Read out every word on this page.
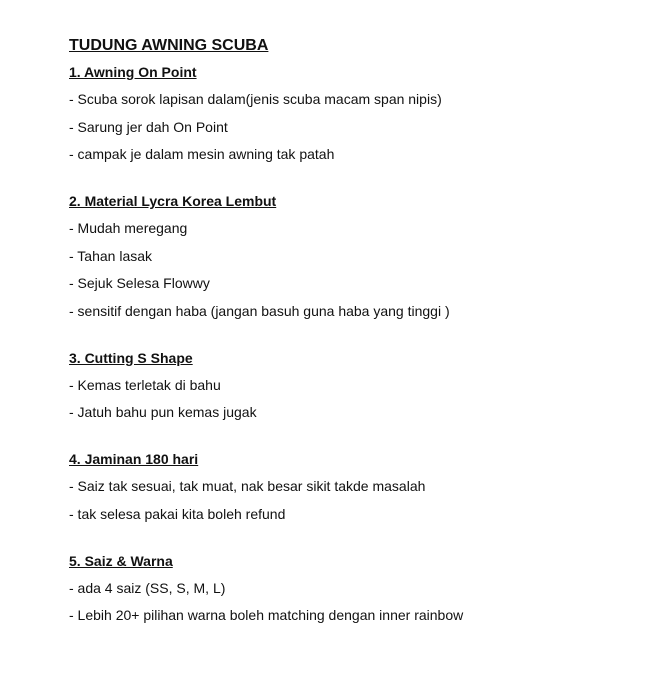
TUDUNG AWNING SCUBA
1. Awning On Point
- Scuba sorok lapisan dalam(jenis scuba macam span nipis)
- Sarung jer dah On Point
- campak je dalam mesin awning tak patah
2. Material Lycra Korea Lembut
- Mudah meregang
- Tahan lasak
- Sejuk Selesa Flowwy
- sensitif dengan haba (jangan basuh guna haba yang tinggi )
3. Cutting S Shape
- Kemas terletak di bahu
- Jatuh bahu pun kemas jugak
4. Jaminan 180 hari
- Saiz tak sesuai, tak muat, nak besar sikit takde masalah
- tak selesa pakai kita boleh refund
5. Saiz & Warna
- ada 4 saiz (SS, S, M, L)
- Lebih 20+ pilihan warna boleh matching dengan inner rainbow
